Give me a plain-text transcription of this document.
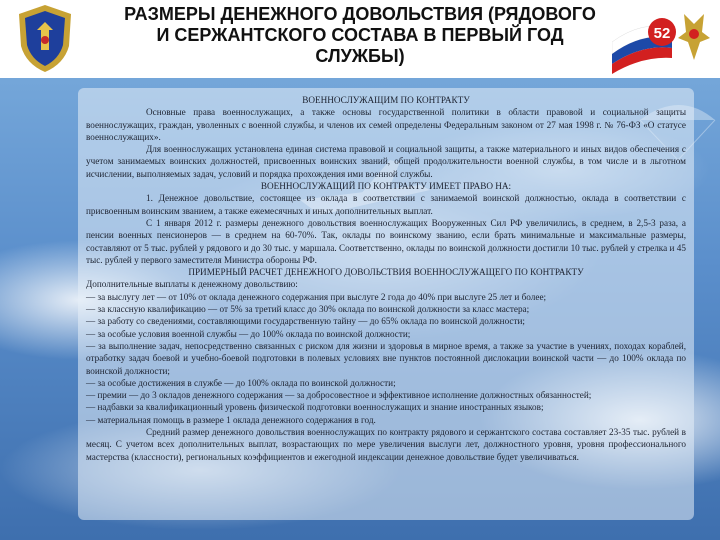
РАЗМЕРЫ ДЕНЕЖНОГО ДОВОЛЬСТВИЯ (РЯДОВОГО И СЕРЖАНТСКОГО СОСТАВА В ПЕРВЫЙ ГОД СЛУЖБЫ)

52

ВОЕННОСЛУЖАЩИМ ПО КОНТРАКТУ

Основные права военнослужащих, а также основы государственной политики в области правовой и социальной защиты военнослужащих, граждан, уволенных с военной службы, и членов их семей определены Федеральным законом от 27 мая 1998 г. № 76-ФЗ «О статусе военнослужащих».

Для военнослужащих установлена единая система правовой и социальной защиты, а также материального и иных видов обеспечения с учетом занимаемых воинских должностей, присвоенных воинских званий, общей продолжительности военной службы, в том числе и в льготном исчислении, выполняемых задач, условий и порядка прохождения ими военной службы.

ВОЕННОСЛУЖАЩИЙ ПО КОНТРАКТУ ИМЕЕТ ПРАВО НА:

1. Денежное довольствие, состоящее из оклада в соответствии с занимаемой воинской должностью, оклада в соответствии с присвоенным воинским званием, а также ежемесячных и иных дополнительных выплат.

С 1 января 2012 г. размеры денежного довольствия военнослужащих Вооруженных Сил РФ увеличились, в среднем, в 2,5-3 раза, а пенсии военных пенсионеров — в среднем на 60-70%. Так, оклады по воинскому званию, если брать минимальные и максимальные размеры, составляют от 5 тыс. рублей у рядового и до 30 тыс. у маршала. Соответственно, оклады по воинской должности достигли 10 тыс. рублей у стрелка и 45 тыс. рублей у первого заместителя Министра обороны РФ.

ПРИМЕРНЫЙ РАСЧЕТ ДЕНЕЖНОГО ДОВОЛЬСТВИЯ ВОЕННОСЛУЖАЩЕГО ПО КОНТРАКТУ

Дополнительные выплаты к денежному довольствию:

— за выслугу лет — от 10% от оклада денежного содержания при выслуге 2 года до 40% при выслуге 25 лет и более;

— за классную квалификацию — от 5% за третий класс до 30% оклада по воинской должности за класс мастера;

— за работу со сведениями, составляющими государственную тайну — до 65% оклада по воинской должности;

— за особые условия военной службы — до 100% оклада по воинской должности;

— за выполнение задач, непосредственно связанных с риском для жизни и здоровья в мирное время, а также за участие в учениях, походах кораблей, отработку задач боевой и учебно-боевой подготовки в полевых условиях вне пунктов постоянной дислокации воинской части — до 100% оклада по воинской должности;

— за особые достижения в службе — до 100% оклада по воинской должности;

— премии — до 3 окладов денежного содержания — за добросовестное и эффективное исполнение должностных обязанностей;

— надбавки за квалификационный уровень физической подготовки военнослужащих и знание иностранных языков;

— материальная помощь в размере 1 оклада денежного содержания в год.

Средний размер денежного довольствия военнослужащих по контракту рядового и сержантского состава составляет 23-35 тыс. рублей в месяц. С учетом всех дополнительных выплат, возрастающих по мере увеличения выслуги лет, должностного уровня, уровня профессионального мастерства (классности), региональных коэффициентов и ежегодной индексации денежное довольствие будет увеличиваться.
